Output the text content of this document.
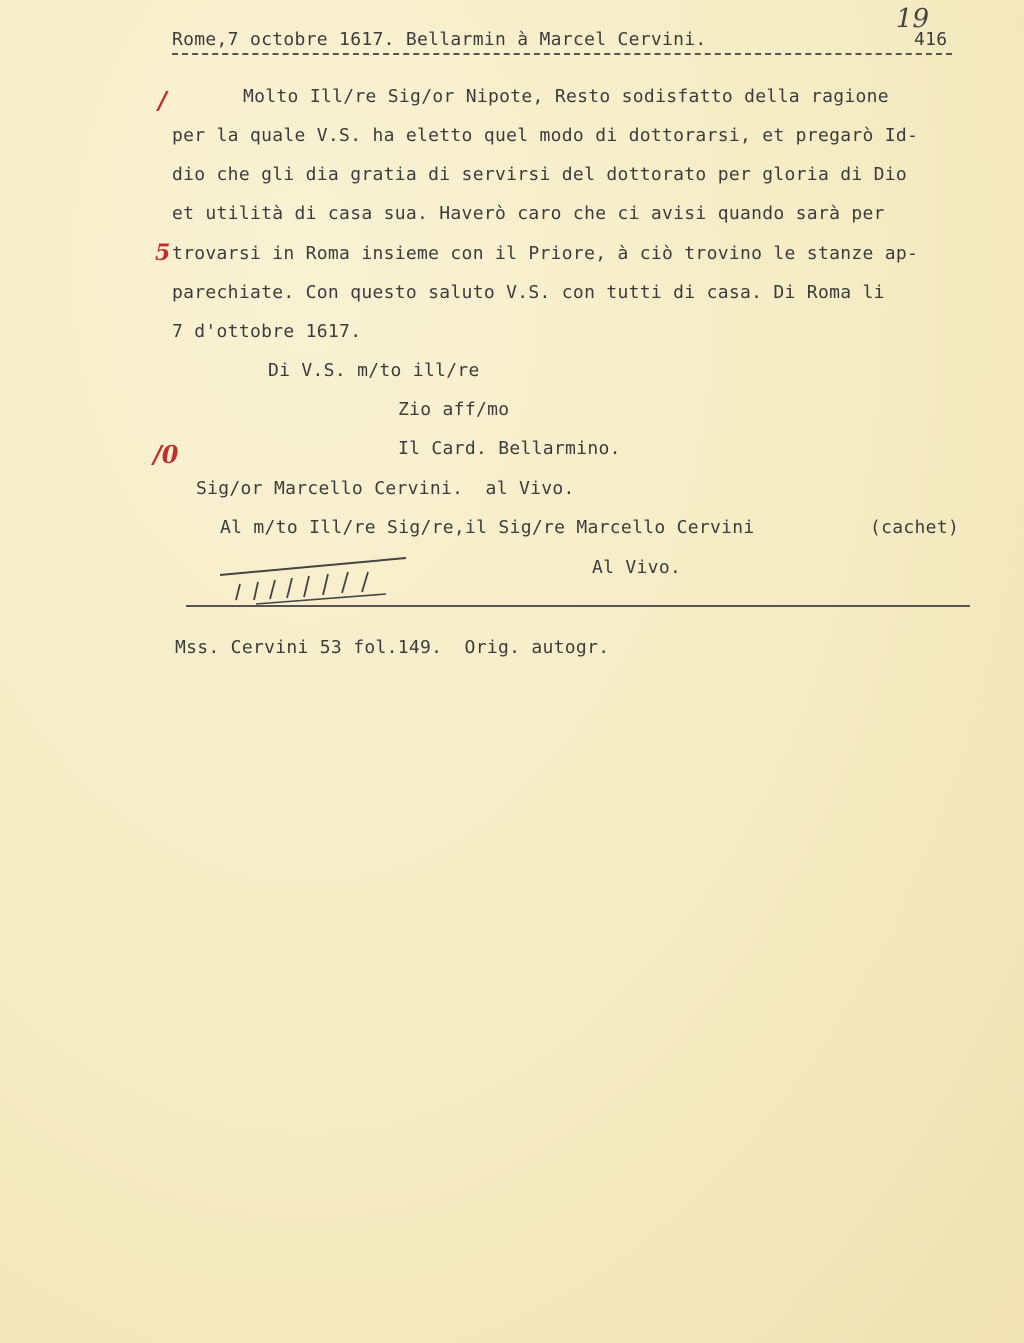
Rome,7 octobre 1617. Bellarmin à Marcel Cervini.	416
19
/
5
/0
Molto Ill/re Sig/or Nipote, Resto sodisfatto della ragione
per la quale V.S. ha eletto quel modo di dottorarsi, et pregarò Id-
dio che gli dia gratia di servirsi del dottorato per gloria di Dio
et utilità di casa sua. Haverò caro che ci avisi quando sarà per
trovarsi in Roma insieme con il Priore, à ciò trovino le stanze ap-
parechiate. Con questo saluto V.S. con tutti di casa. Di Roma li
7 d'ottobre 1617.
Di V.S. m/to ill/re
Zio aff/mo
Il Card. Bellarmino.
Sig/or Marcello Cervini.  al Vivo.
Al m/to Ill/re Sig/re,il Sig/re Marcello Cervini	(cachet)
Al Vivo.
Mss. Cervini 53 fol.149.  Orig. autogr.
